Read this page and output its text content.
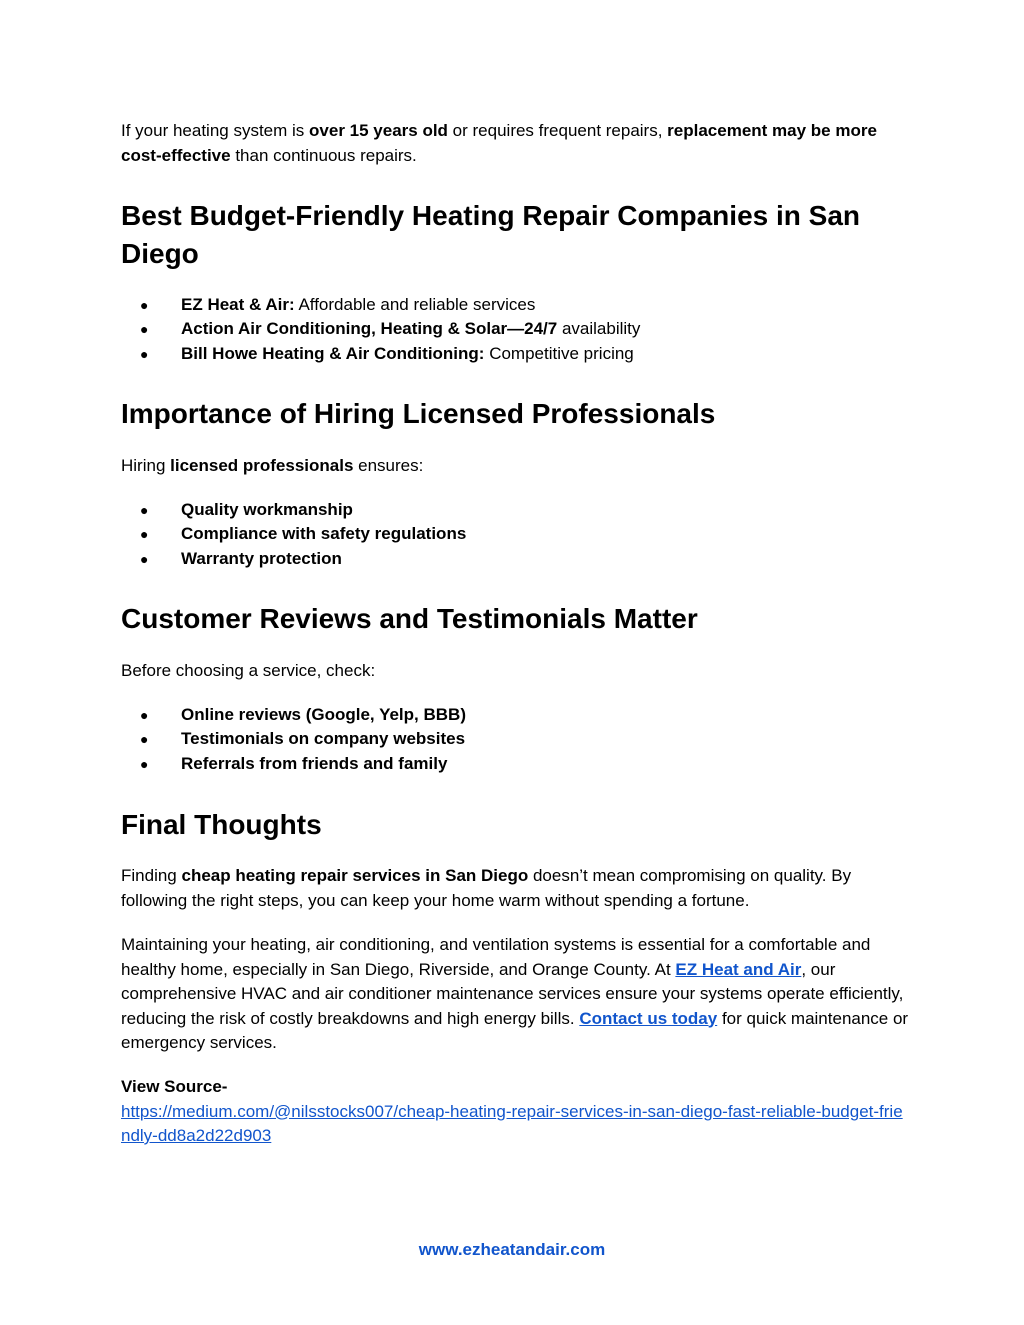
If your heating system is over 15 years old or requires frequent repairs, replacement may be more cost-effective than continuous repairs.

Best Budget-Friendly Heating Repair Companies in San Diego
● EZ Heat & Air: Affordable and reliable services
● Action Air Conditioning, Heating & Solar—24/7 availability
● Bill Howe Heating & Air Conditioning: Competitive pricing
Importance of Hiring Licensed Professionals

Hiring licensed professionals ensures:

● Quality workmanship
● Compliance with safety regulations
● Warranty protection
Customer Reviews and Testimonials Matter

Before choosing a service, check:

● Online reviews (Google, Yelp, BBB)
● Testimonials on company websites
● Referrals from friends and family
Final Thoughts

Finding cheap heating repair services in San Diego doesn’t mean compromising on quality. By following the right steps, you can keep your home warm without spending a fortune.

Maintaining your heating, air conditioning, and ventilation systems is essential for a comfortable and healthy home, especially in San Diego, Riverside, and Orange County. At EZ Heat and Air, our comprehensive HVAC and air conditioner maintenance services ensure your systems operate efficiently, reducing the risk of costly breakdowns and high energy bills. Contact us today for quick maintenance or emergency services.

View Source-
https://medium.com/@nilsstocks007/cheap-heating-repair-services-in-san-diego-fast-reliable-budget-friendly-dd8a2d22d903
www.ezheatandair.com
